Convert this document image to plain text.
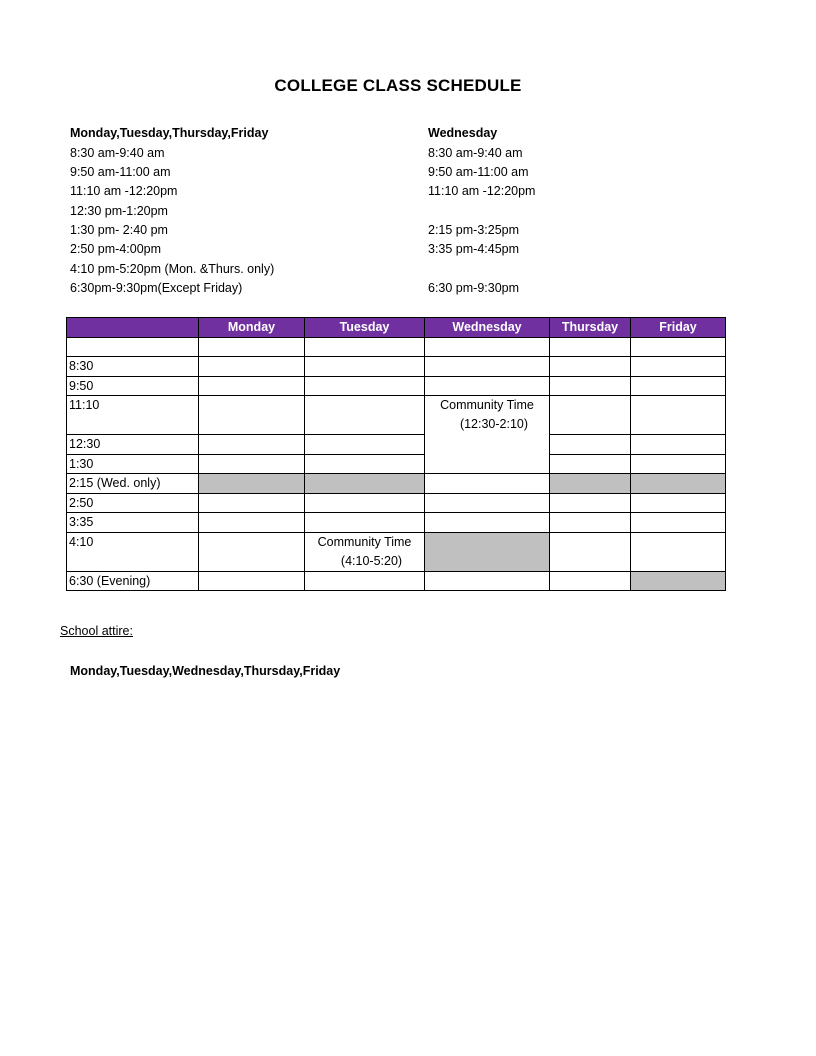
COLLEGE CLASS SCHEDULE
Monday,Tuesday,Thursday,Friday
8:30 am-9:40 am
9:50 am-11:00 am
11:10 am -12:20pm
12:30 pm-1:20pm
1:30 pm- 2:40 pm
2:50 pm-4:00pm
4:10 pm-5:20pm (Mon. &Thurs. only)
6:30pm-9:30pm(Except Friday)
Wednesday
8:30 am-9:40 am
9:50 am-11:00 am
11:10 am -12:20pm
2:15 pm-3:25pm
3:35 pm-4:45pm
6:30 pm-9:30pm
	Monday	Tuesday	Wednesday	Thursday	Friday

8:30					
9:50					
11:10			Community Time
(12:30-2:10)		

12:30					
1:30					
2:15 (Wed. only)					
2:50					
3:35					
4:10		Community Time
(4:10-5:20)			

6:30 (Evening)					
School attire:
Monday,Tuesday,Wednesday,Thursday,Friday
